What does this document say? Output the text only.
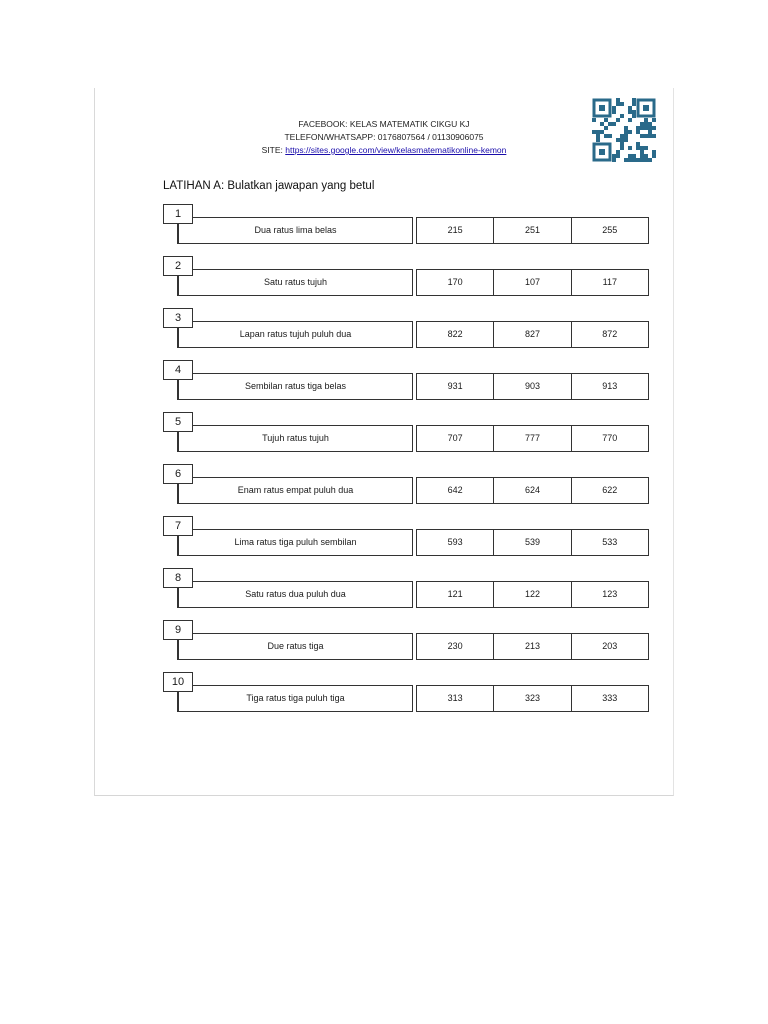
FACEBOOK: KELAS MATEMATIK CIKGU KJ
TELEFON/WHATSAPP: 0176807564 / 01130906075
SITE: https://sites.google.com/view/kelasmatematikonline-kemon
LATIHAN A: Bulatkan jawapan yang betul
Dua ratus lima belas
1
215	251	255
Satu ratus tujuh
2
170	107	117
Lapan ratus tujuh puluh dua
3
822	827	872
Sembilan ratus tiga belas
4
931	903	913
Tujuh ratus tujuh
5
707	777	770
Enam ratus empat puluh dua
6
642	624	622
Lima ratus tiga puluh sembilan
7
593	539	533
Satu ratus dua puluh dua
8
121	122	123
Due ratus tiga
9
230	213	203
Tiga ratus tiga puluh tiga
10
313	323	333
